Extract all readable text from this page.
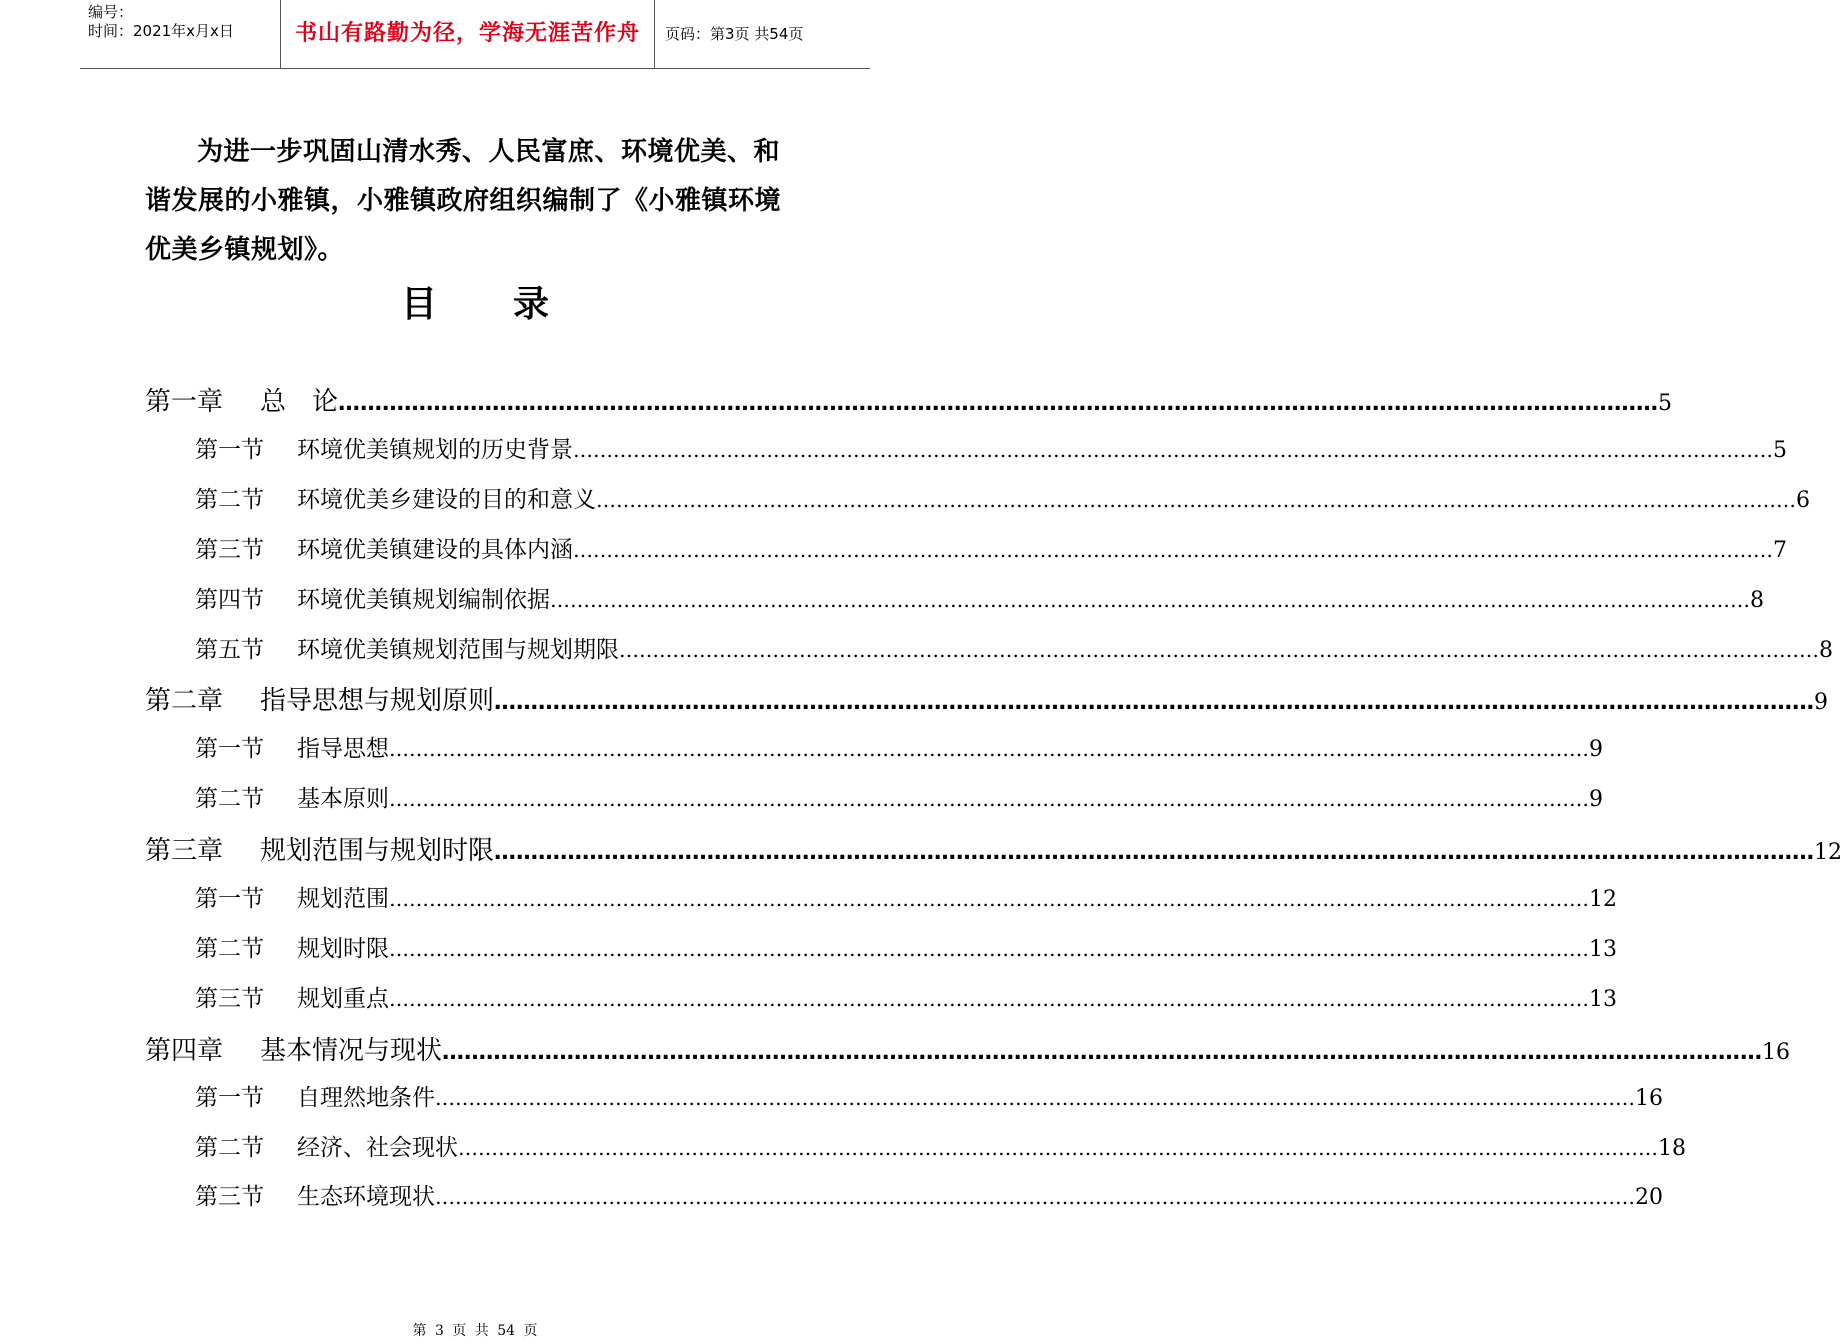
编号：
时间：2021年x月x日	书山有路勤为径，学海无涯苦作舟	页码：第3页 共54页
为进一步巩固山清水秀、人民富庶、环境优美、和谐发展的小雅镇，小雅镇政府组织编制了《小雅镇环境优美乡镇规划》。
目 录
第一章	总　论 ……………………………………………………………………………………………………………………………………………………………… 5
第一节	环境优美镇规划的历史背景 ……………………………………………………………………………………………………………………………………………………………… 5
第二节	环境优美乡建设的目的和意义 ……………………………………………………………………………………………………………………………………………………………… 6
第三节	环境优美镇建设的具体内涵 ……………………………………………………………………………………………………………………………………………………………… 7
第四节	环境优美镇规划编制依据 ……………………………………………………………………………………………………………………………………………………………… 8
第五节	环境优美镇规划范围与规划期限 ……………………………………………………………………………………………………………………………………………………………… 8
第二章	指导思想与规划原则 ……………………………………………………………………………………………………………………………………………………………… 9
第一节	指导思想 ……………………………………………………………………………………………………………………………………………………………… 9
第二节	基本原则 ……………………………………………………………………………………………………………………………………………………………… 9
第三章	规划范围与规划时限 ……………………………………………………………………………………………………………………………………………………………… 12
第一节	规划范围 ……………………………………………………………………………………………………………………………………………………………… 12
第二节	规划时限 ……………………………………………………………………………………………………………………………………………………………… 13
第三节	规划重点 ……………………………………………………………………………………………………………………………………………………………… 13
第四章	基本情况与现状 ……………………………………………………………………………………………………………………………………………………………… 16
第一节	自理然地条件 ……………………………………………………………………………………………………………………………………………………………… 16
第二节	经济、社会现状 ……………………………………………………………………………………………………………………………………………………………… 18
第三节	生态环境现状 ……………………………………………………………………………………………………………………………………………………………… 20
第 3 页 共 54 页
